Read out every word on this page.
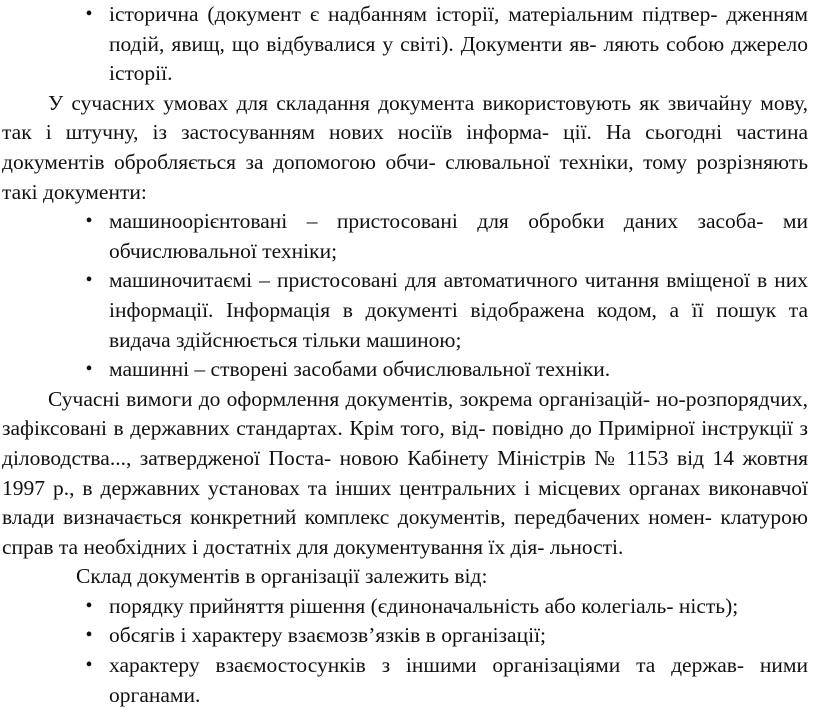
• історична (документ є надбанням історії, матеріальним підтвер- дженням подій, явищ, що відбувалися у світі). Документи яв- ляють собою джерело історії.

У сучасних умовах для складання документа використовують як звичайну мову, так і штучну, із застосуванням нових носіїв інформа- ції. На сьогодні частина документів обробляється за допомогою обчи- слювальної техніки, тому розрізняють такі документи:

• машиноорієнтовані – пристосовані для обробки даних засоба- ми обчислювальної техніки;
• машиночитаємі – пристосовані для автоматичного читання вміщеної в них інформації. Інформація в документі відображена кодом, а її пошук та видача здійснюється тільки машиною;
• машинні – створені засобами обчислювальної техніки.

Сучасні вимоги до оформлення документів, зокрема організацій- но-розпорядчих, зафіксовані в державних стандартах. Крім того, від- повідно до Примірної інструкції з діловодства..., затвердженої Поста- новою Кабінету Міністрів № 1153 від 14 жовтня 1997 р., в державних установах та інших центральних і місцевих органах виконавчої влади визначається конкретний комплекс документів, передбачених номен- клатурою справ та необхідних і достатніх для документування їх дія- льності.

Склад документів в організації залежить від:

• порядку прийняття рішення (єдиноначальність або колегіаль- ність);
• обсягів і характеру взаємозв’язків в організації;
• характеру взаємостосунків з іншими організаціями та держав- ними органами.
